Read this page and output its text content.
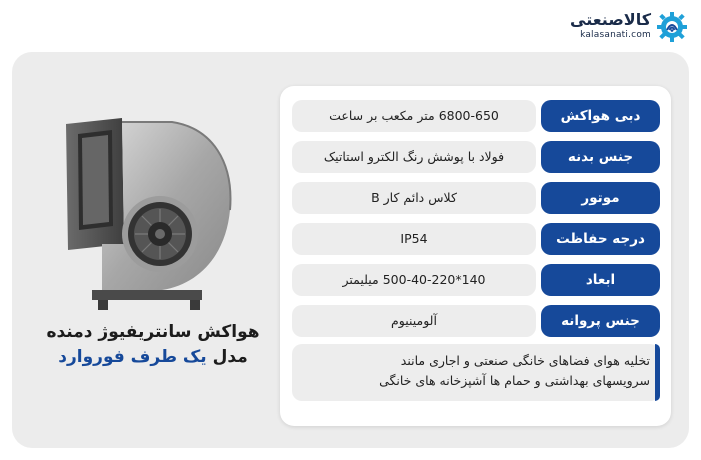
کالاصنعتی
kalasanati.com
هواکش سانتریفیوژ دمنده
مدل یک طرف فوروارد
دبی هواکش
6800-650 متر مکعب بر ساعت
جنس بدنه
فولاد با پوشش رنگ الکترو استاتیک
موتور
کلاس دائم کار B
درجه حفاظت
IP54
ابعاد
140*500-40-220 میلیمتر
جنس پروانه
آلومینیوم
تخلیه هوای فضاهای خانگی صنعتی و اجاری مانند
سرویسهای بهداشتی و حمام ها آشپزخانه های خانگی
